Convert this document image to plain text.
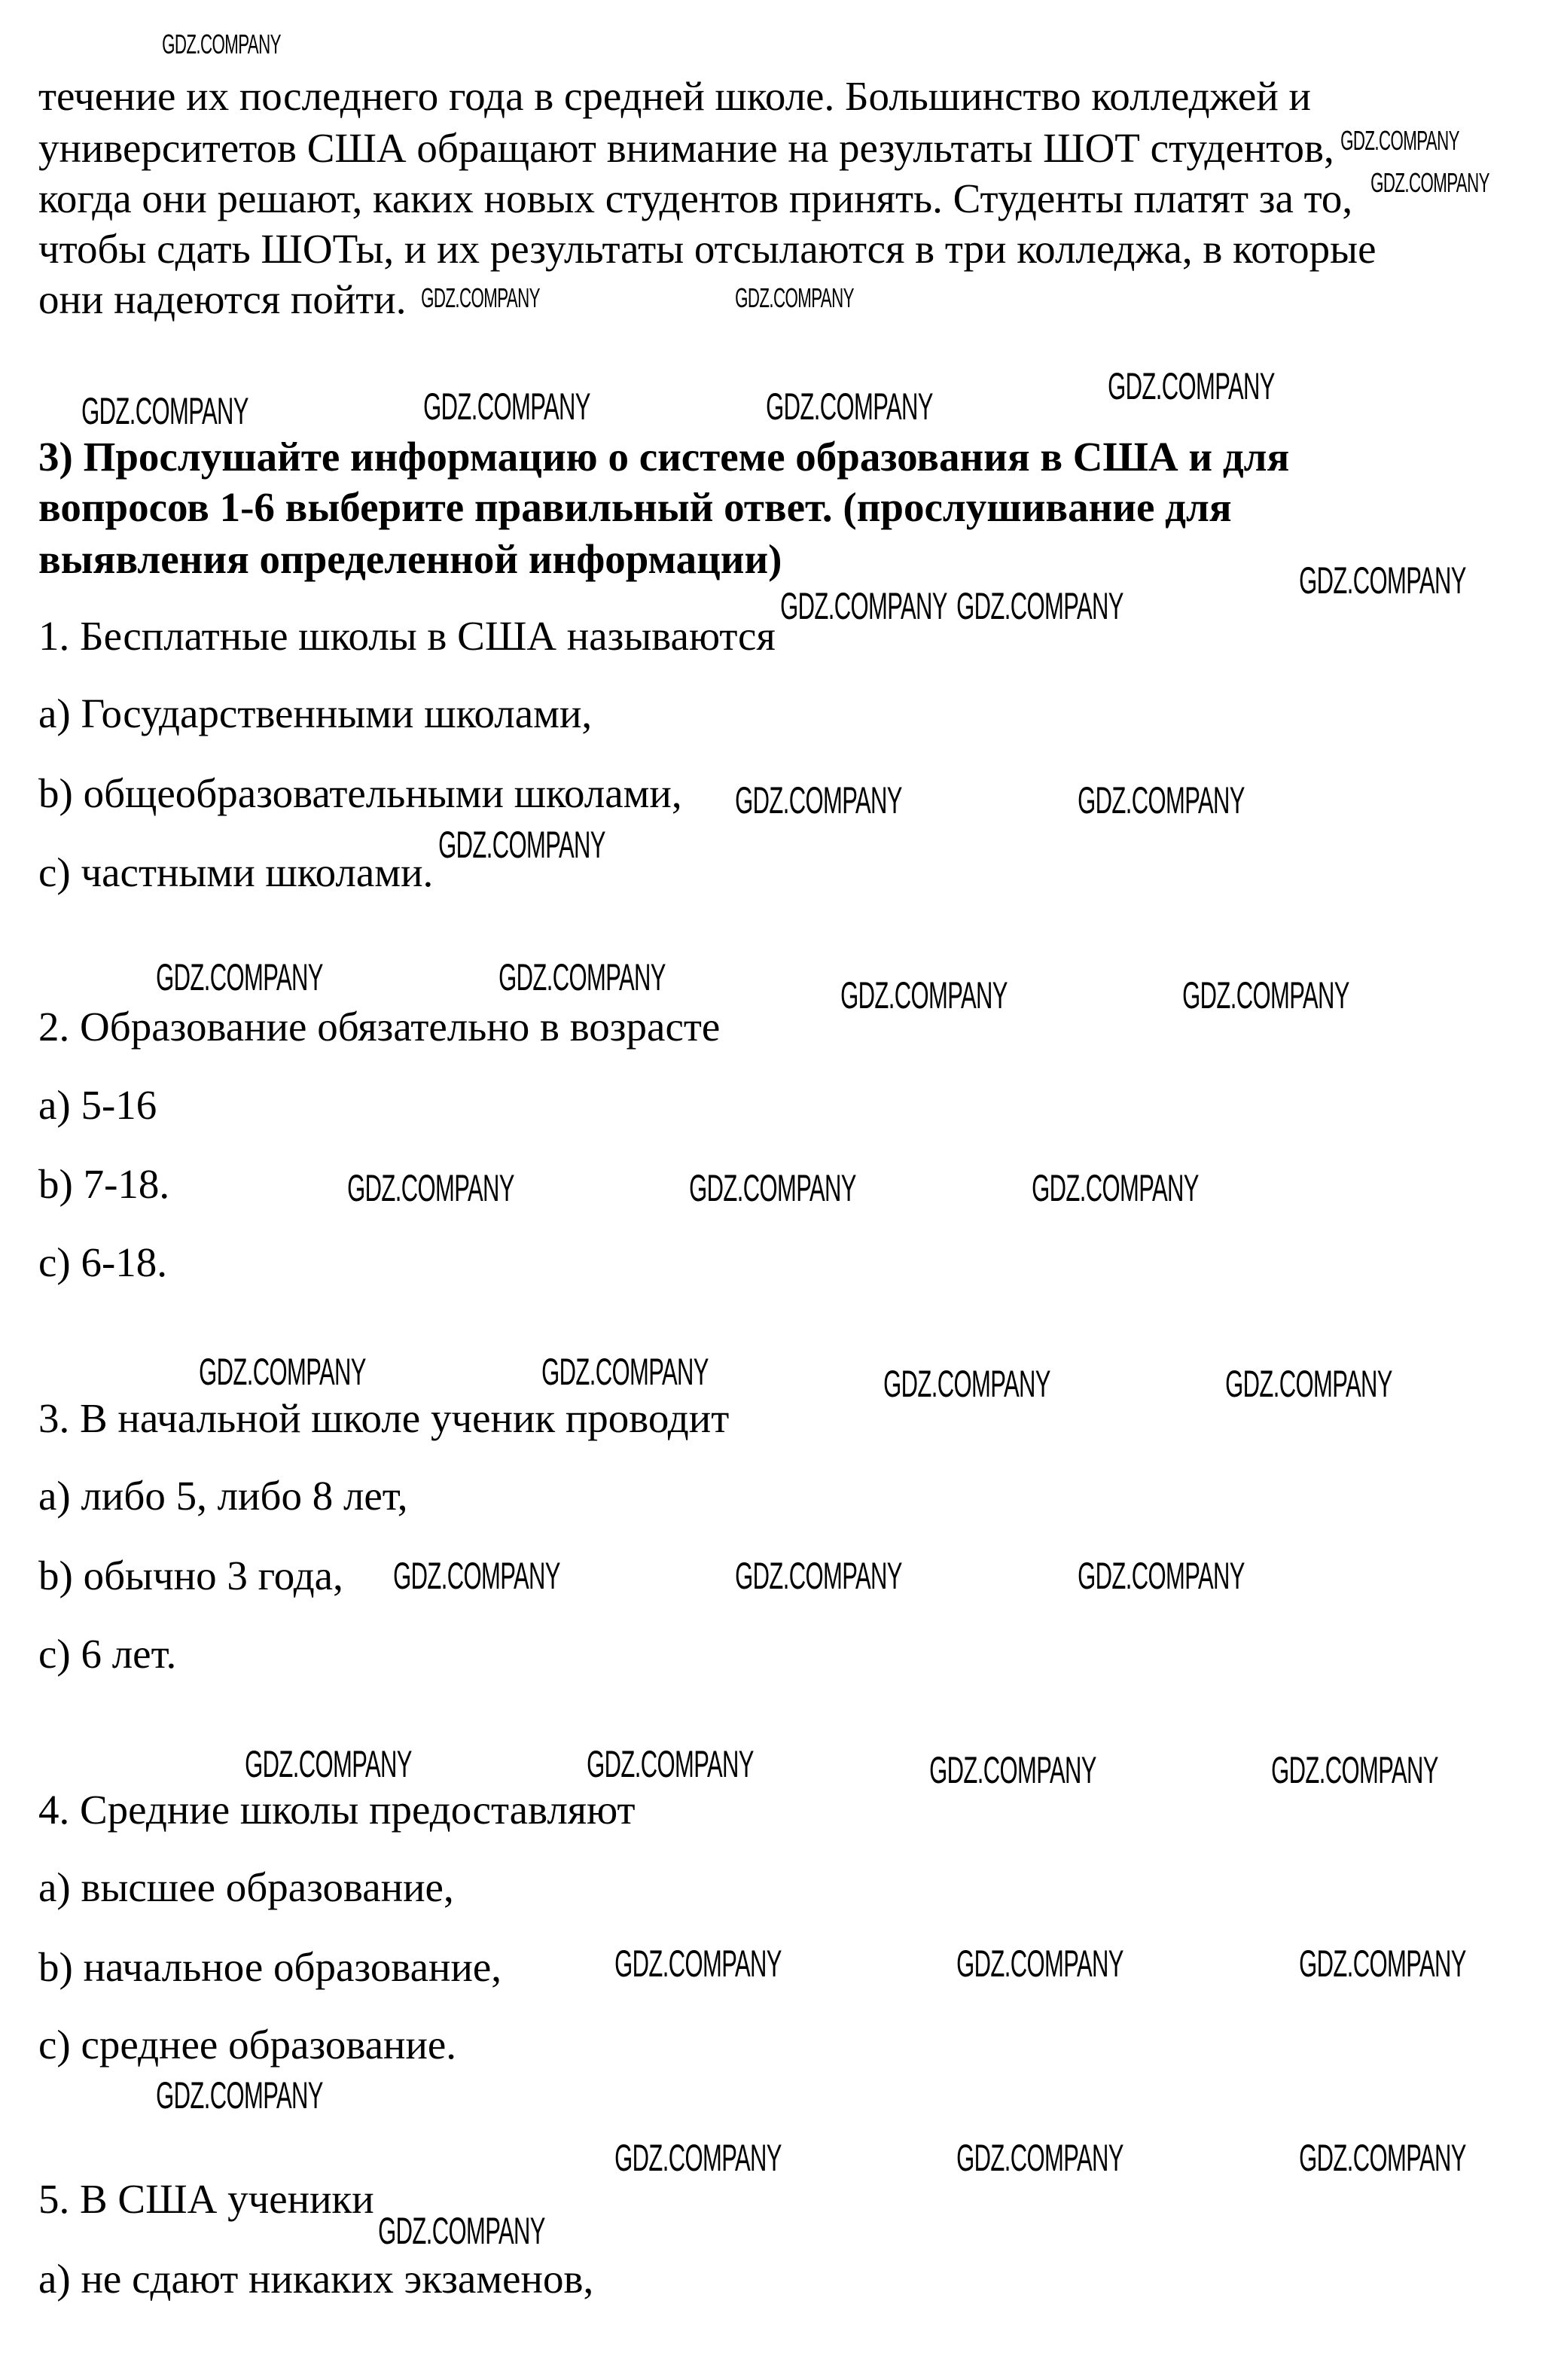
течение их последнего года в средней школе. Большинство колледжей и
университетов США обращают внимание на результаты ШОТ студентов,
когда они решают, каких новых студентов принять. Студенты платят за то,
чтобы сдать ШОТы, и их результаты отсылаются в три колледжа, в которые
они надеются пойти.
3) Прослушайте информацию о системе образования в США и для
вопросов 1-6 выберите правильный ответ. (прослушивание для
выявления определенной информации)
1. Бесплатные школы в США называются
a) Государственными школами,
b) общеобразовательными школами,
c) частными школами.
2. Образование обязательно в возрасте
a) 5-16
b) 7-18.
c) 6-18.
3. В начальной школе ученик проводит
a) либо 5, либо 8 лет,
b) обычно 3 года,
c) 6 лет.
4. Средние школы предоставляют
a) высшее образование,
b) начальное образование,
c) среднее образование.
5. В США ученики
a) не сдают никаких экзаменов,
GDZ.COMPANY	GDZ.COMPANY	GDZ.COMPANY	GDZ.COMPANY
GDZ.COMPANY
GDZ.COMPANY GDZ.COMPANY
GDZ.COMPANY
GDZ.COMPANY	GDZ.COMPANY
GDZ.COMPANY	GDZ.COMPANY	GDZ.COMPANY	GDZ.COMPANY
GDZ.COMPANY	GDZ.COMPANY	GDZ.COMPANY
GDZ.COMPANY	GDZ.COMPANY	GDZ.COMPANY	GDZ.COMPANY
GDZ.COMPANY	GDZ.COMPANY	GDZ.COMPANY
GDZ.COMPANY	GDZ.COMPANY	GDZ.COMPANY	GDZ.COMPANY
GDZ.COMPANY	GDZ.COMPANY	GDZ.COMPANY
GDZ.COMPANY
GDZ.COMPANY	GDZ.COMPANY	GDZ.COMPANY
GDZ.COMPANY
GDZ.COMPANY
GDZ.COMPANY
GDZ.COMPANY
GDZ.COMPANY
GDZ.COMPANY
